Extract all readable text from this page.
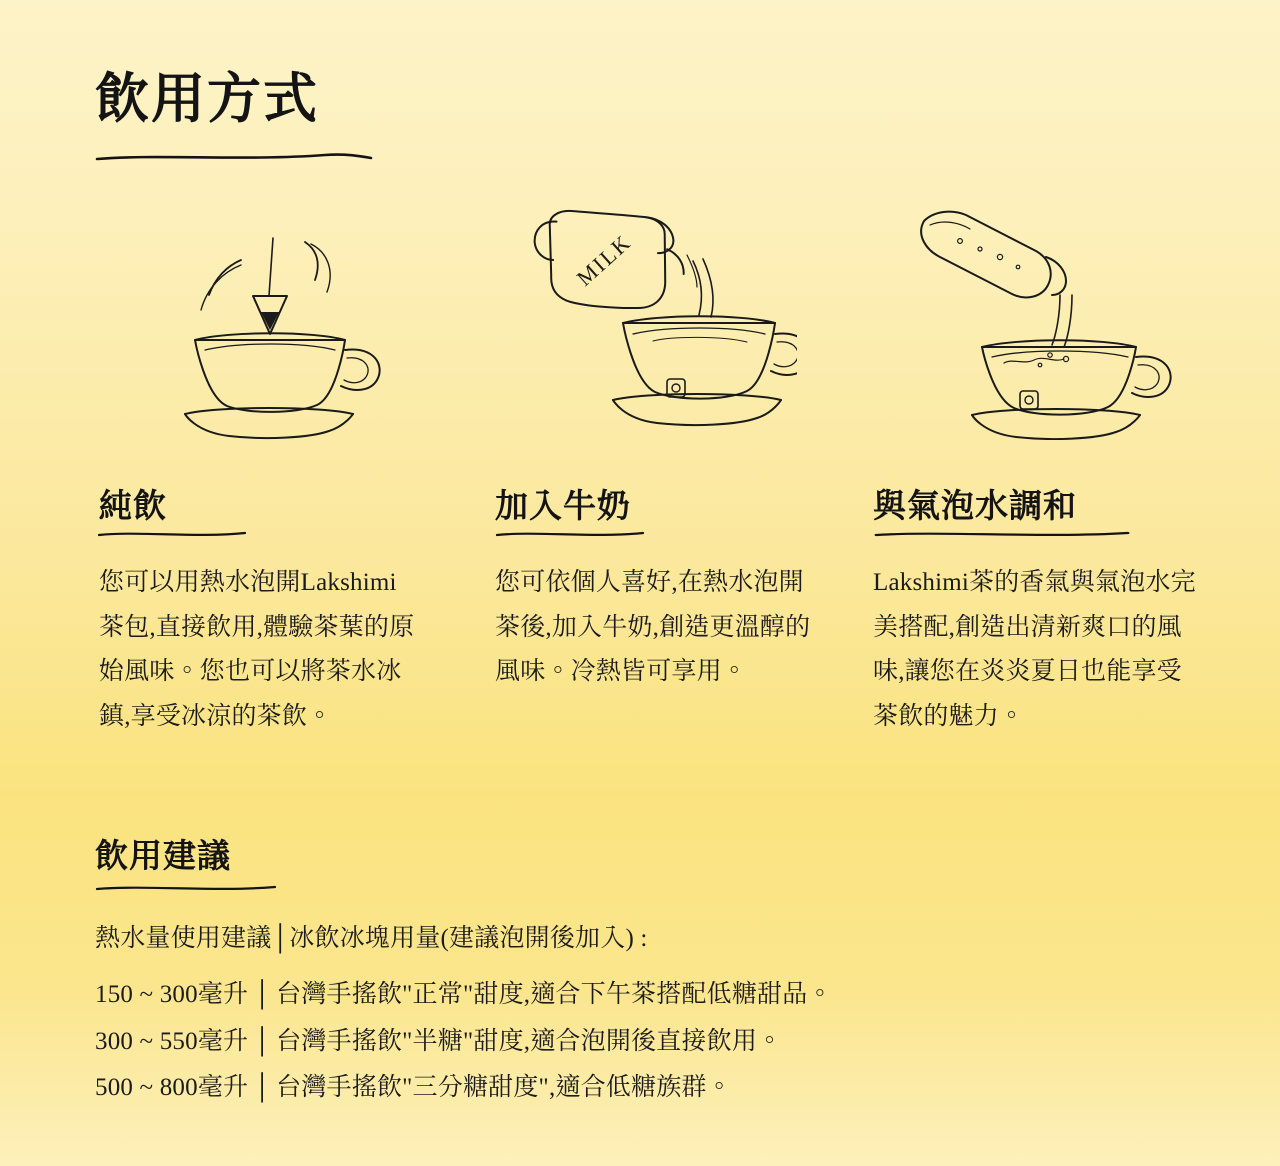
飲用方式
純飲
您可以用熱水泡開Lakshimi茶包,直接飲用,體驗茶葉的原始風味。您也可以將茶水冰鎮,享受冰涼的茶飲。
MILK
加入牛奶
您可依個人喜好,在熱水泡開茶後,加入牛奶,創造更溫醇的風味。冷熱皆可享用。
與氣泡水調和
Lakshimi茶的香氣與氣泡水完美搭配,創造出清新爽口的風味,讓您在炎炎夏日也能享受茶飲的魅力。
飲用建議
熱水量使用建議│冰飲冰塊用量(建議泡開後加入) :
150 ~ 300毫升 │ 台灣手搖飲"正常"甜度,適合下午茶搭配低糖甜品。
300 ~ 550毫升 │ 台灣手搖飲"半糖"甜度,適合泡開後直接飲用。
500 ~ 800毫升 │ 台灣手搖飲"三分糖甜度",適合低糖族群。
